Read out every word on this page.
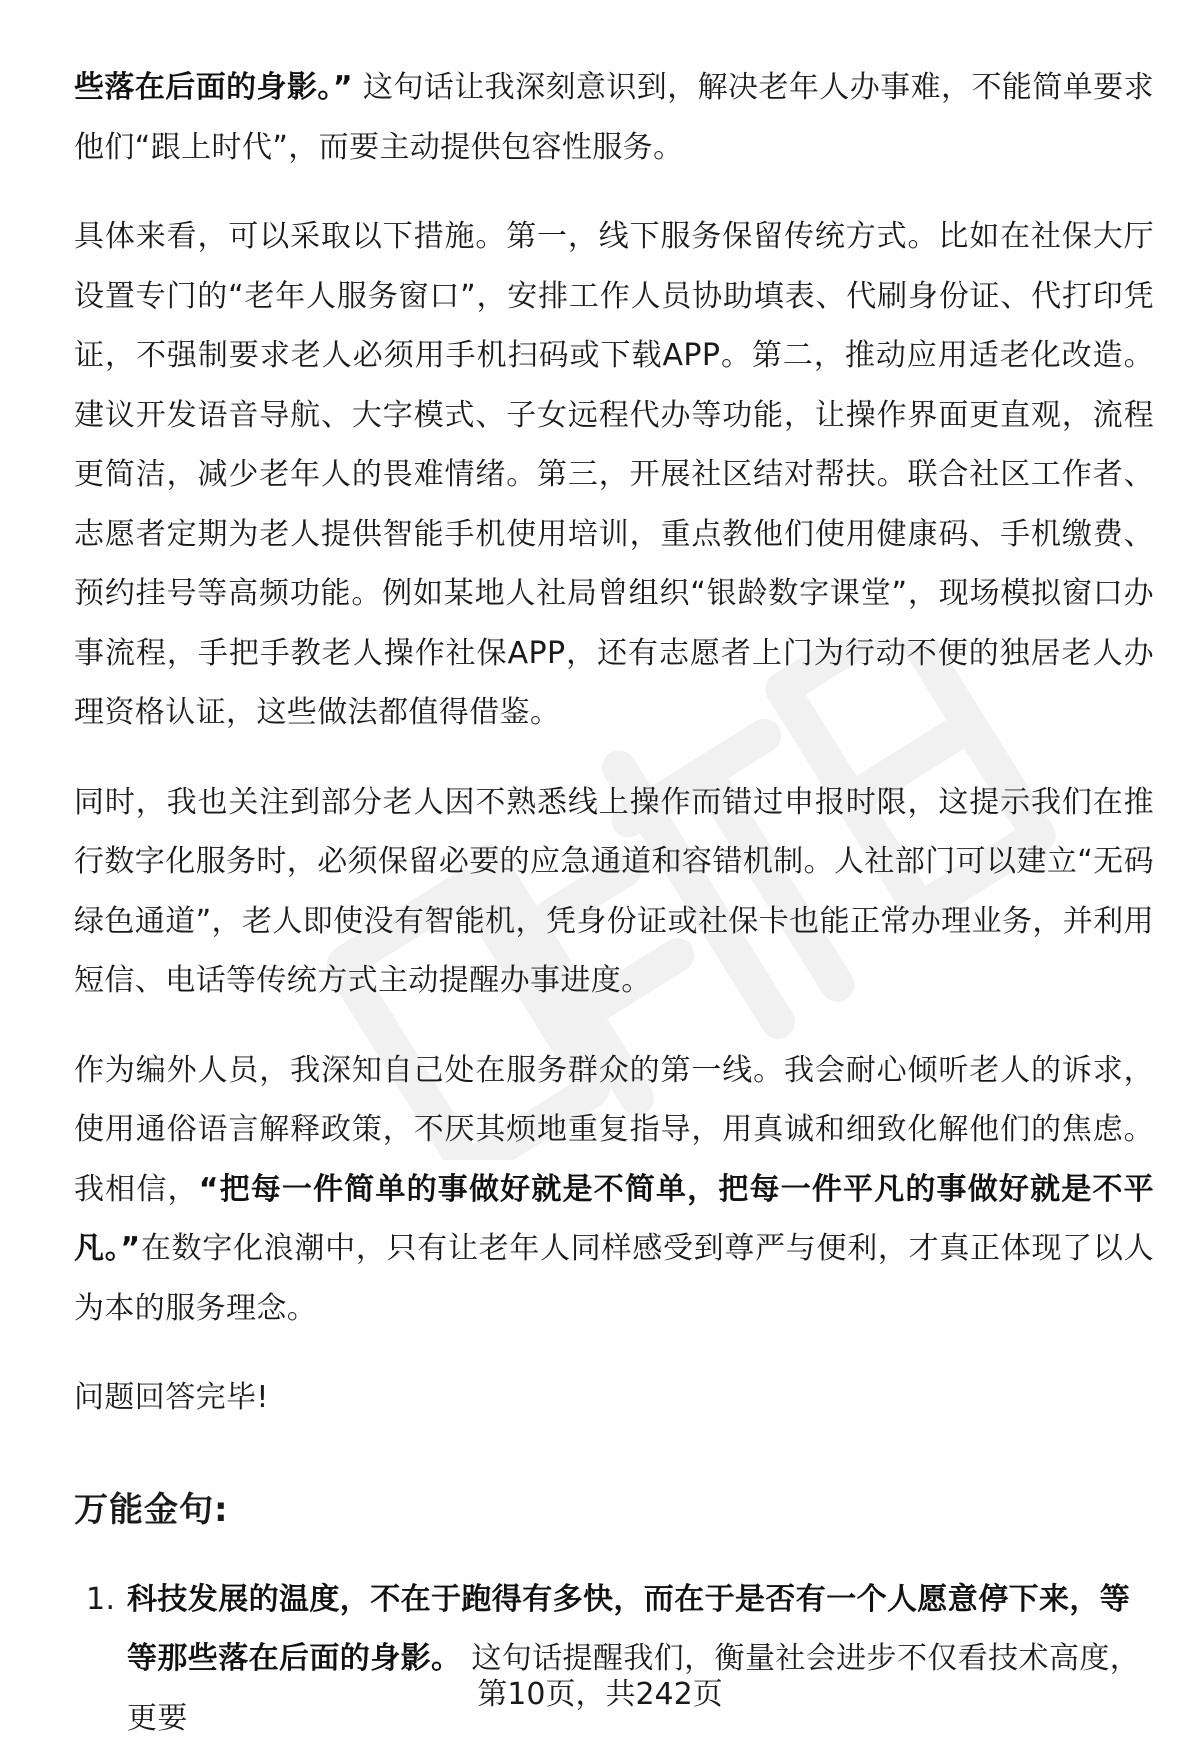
些落在后面的身影。” 这句话让我深刻意识到，解决老年人办事难，不能简单要求他们“跟上时代”，而要主动提供包容性服务。

具体来看，可以采取以下措施。第一，线下服务保留传统方式。比如在社保大厅设置专门的“老年人服务窗口”，安排工作人员协助填表、代刷身份证、代打印凭证，不强制要求老人必须用手机扫码或下载APP。第二，推动应用适老化改造。建议开发语音导航、大字模式、子女远程代办等功能，让操作界面更直观，流程更简洁，减少老年人的畏难情绪。第三，开展社区结对帮扶。联合社区工作者、志愿者定期为老人提供智能手机使用培训，重点教他们使用健康码、手机缴费、预约挂号等高频功能。例如某地人社局曾组织“银龄数字课堂”，现场模拟窗口办事流程，手把手教老人操作社保APP，还有志愿者上门为行动不便的独居老人办理资格认证，这些做法都值得借鉴。

同时，我也关注到部分老人因不熟悉线上操作而错过申报时限，这提示我们在推行数字化服务时，必须保留必要的应急通道和容错机制。人社部门可以建立“无码绿色通道”，老人即使没有智能机，凭身份证或社保卡也能正常办理业务，并利用短信、电话等传统方式主动提醒办事进度。

作为编外人员，我深知自己处在服务群众的第一线。我会耐心倾听老人的诉求，使用通俗语言解释政策，不厌其烦地重复指导，用真诚和细致化解他们的焦虑。我相信，“把每一件简单的事做好就是不简单，把每一件平凡的事做好就是不平凡。”在数字化浪潮中，只有让老年人同样感受到尊严与便利，才真正体现了以人为本的服务理念。

问题回答完毕!

万能金句:
1. 科技发展的温度，不在于跑得有多快，而在于是否有一个人愿意停下来，等等那些落在后面的身影。 这句话提醒我们，衡量社会进步不仅看技术高度，更要
第10页，共242页
